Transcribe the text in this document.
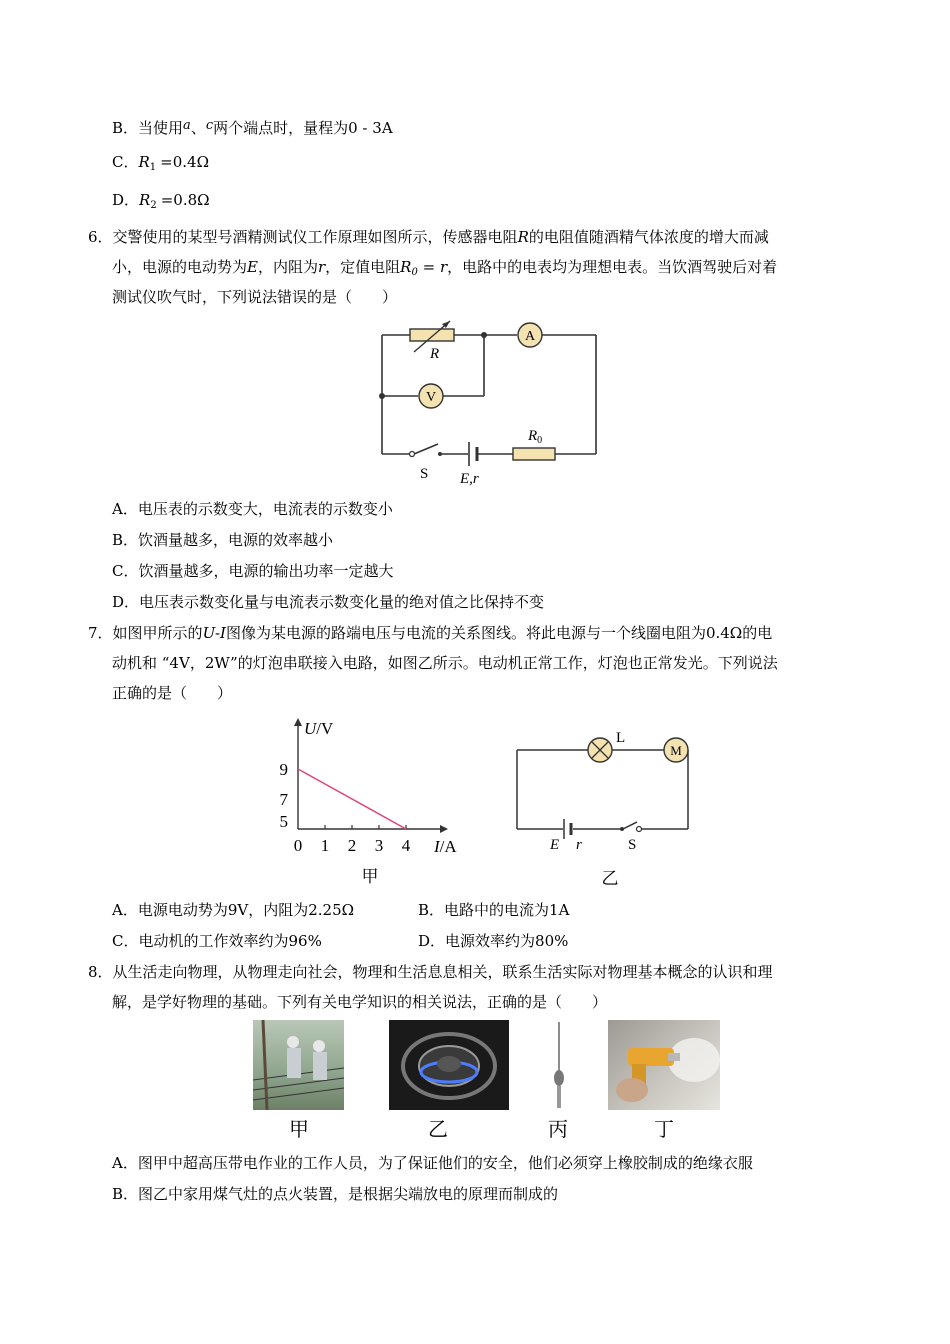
B．当使用a、c两个端点时，量程为0 - 3A
C．$R_1 =0.4\Omega$
D．$R_2 =0.8\Omega$
6．交警使用的某型号酒精测试仪工作原理如图所示，传感器电阻R的电阻值随酒精气体浓度的增大而减
小，电源的电动势为E，内阻为r，定值电阻$R_0 = r$，电路中的电表均为理想电表。当饮酒驾驶后对着
测试仪吹气时，下列说法错误的是（　　）
R
A
V
S E,r
$R_0$
A．电压表的示数变大，电流表的示数变小
B．饮酒量越多，电源的效率越小
C．饮酒量越多，电源的输出功率一定越大
D．电压表示数变化量与电流表示数变化量的绝对值之比保持不变
7．如图甲所示的U-I图像为某电源的路端电压与电流的关系图线。将此电源与一个线圈电阻为0.4Ω的电
动机和 “4V，2W”的灯泡串联接入电路，如图乙所示。电动机正常工作，灯泡也正常发光。下列说法
正确的是（　　）
U/V
I/A
0 1 2 3 4
9
7
5
甲
L
M
E r	S
乙
A．电源电动势为9V，内阻为2.25Ω	B．电路中的电流为1A
C．电动机的工作效率约为96%	D．电源效率约为80%
8．从生活走向物理，从物理走向社会，物理和生活息息相关，联系生活实际对物理基本概念的认识和理
解，是学好物理的基础。下列有关电学知识的相关说法，正确的是（　　）
甲	乙	丙	丁
A．图甲中超高压带电作业的工作人员，为了保证他们的安全，他们必须穿上橡胶制成的绝缘衣服
B．图乙中家用煤气灶的点火装置，是根据尖端放电的原理而制成的
